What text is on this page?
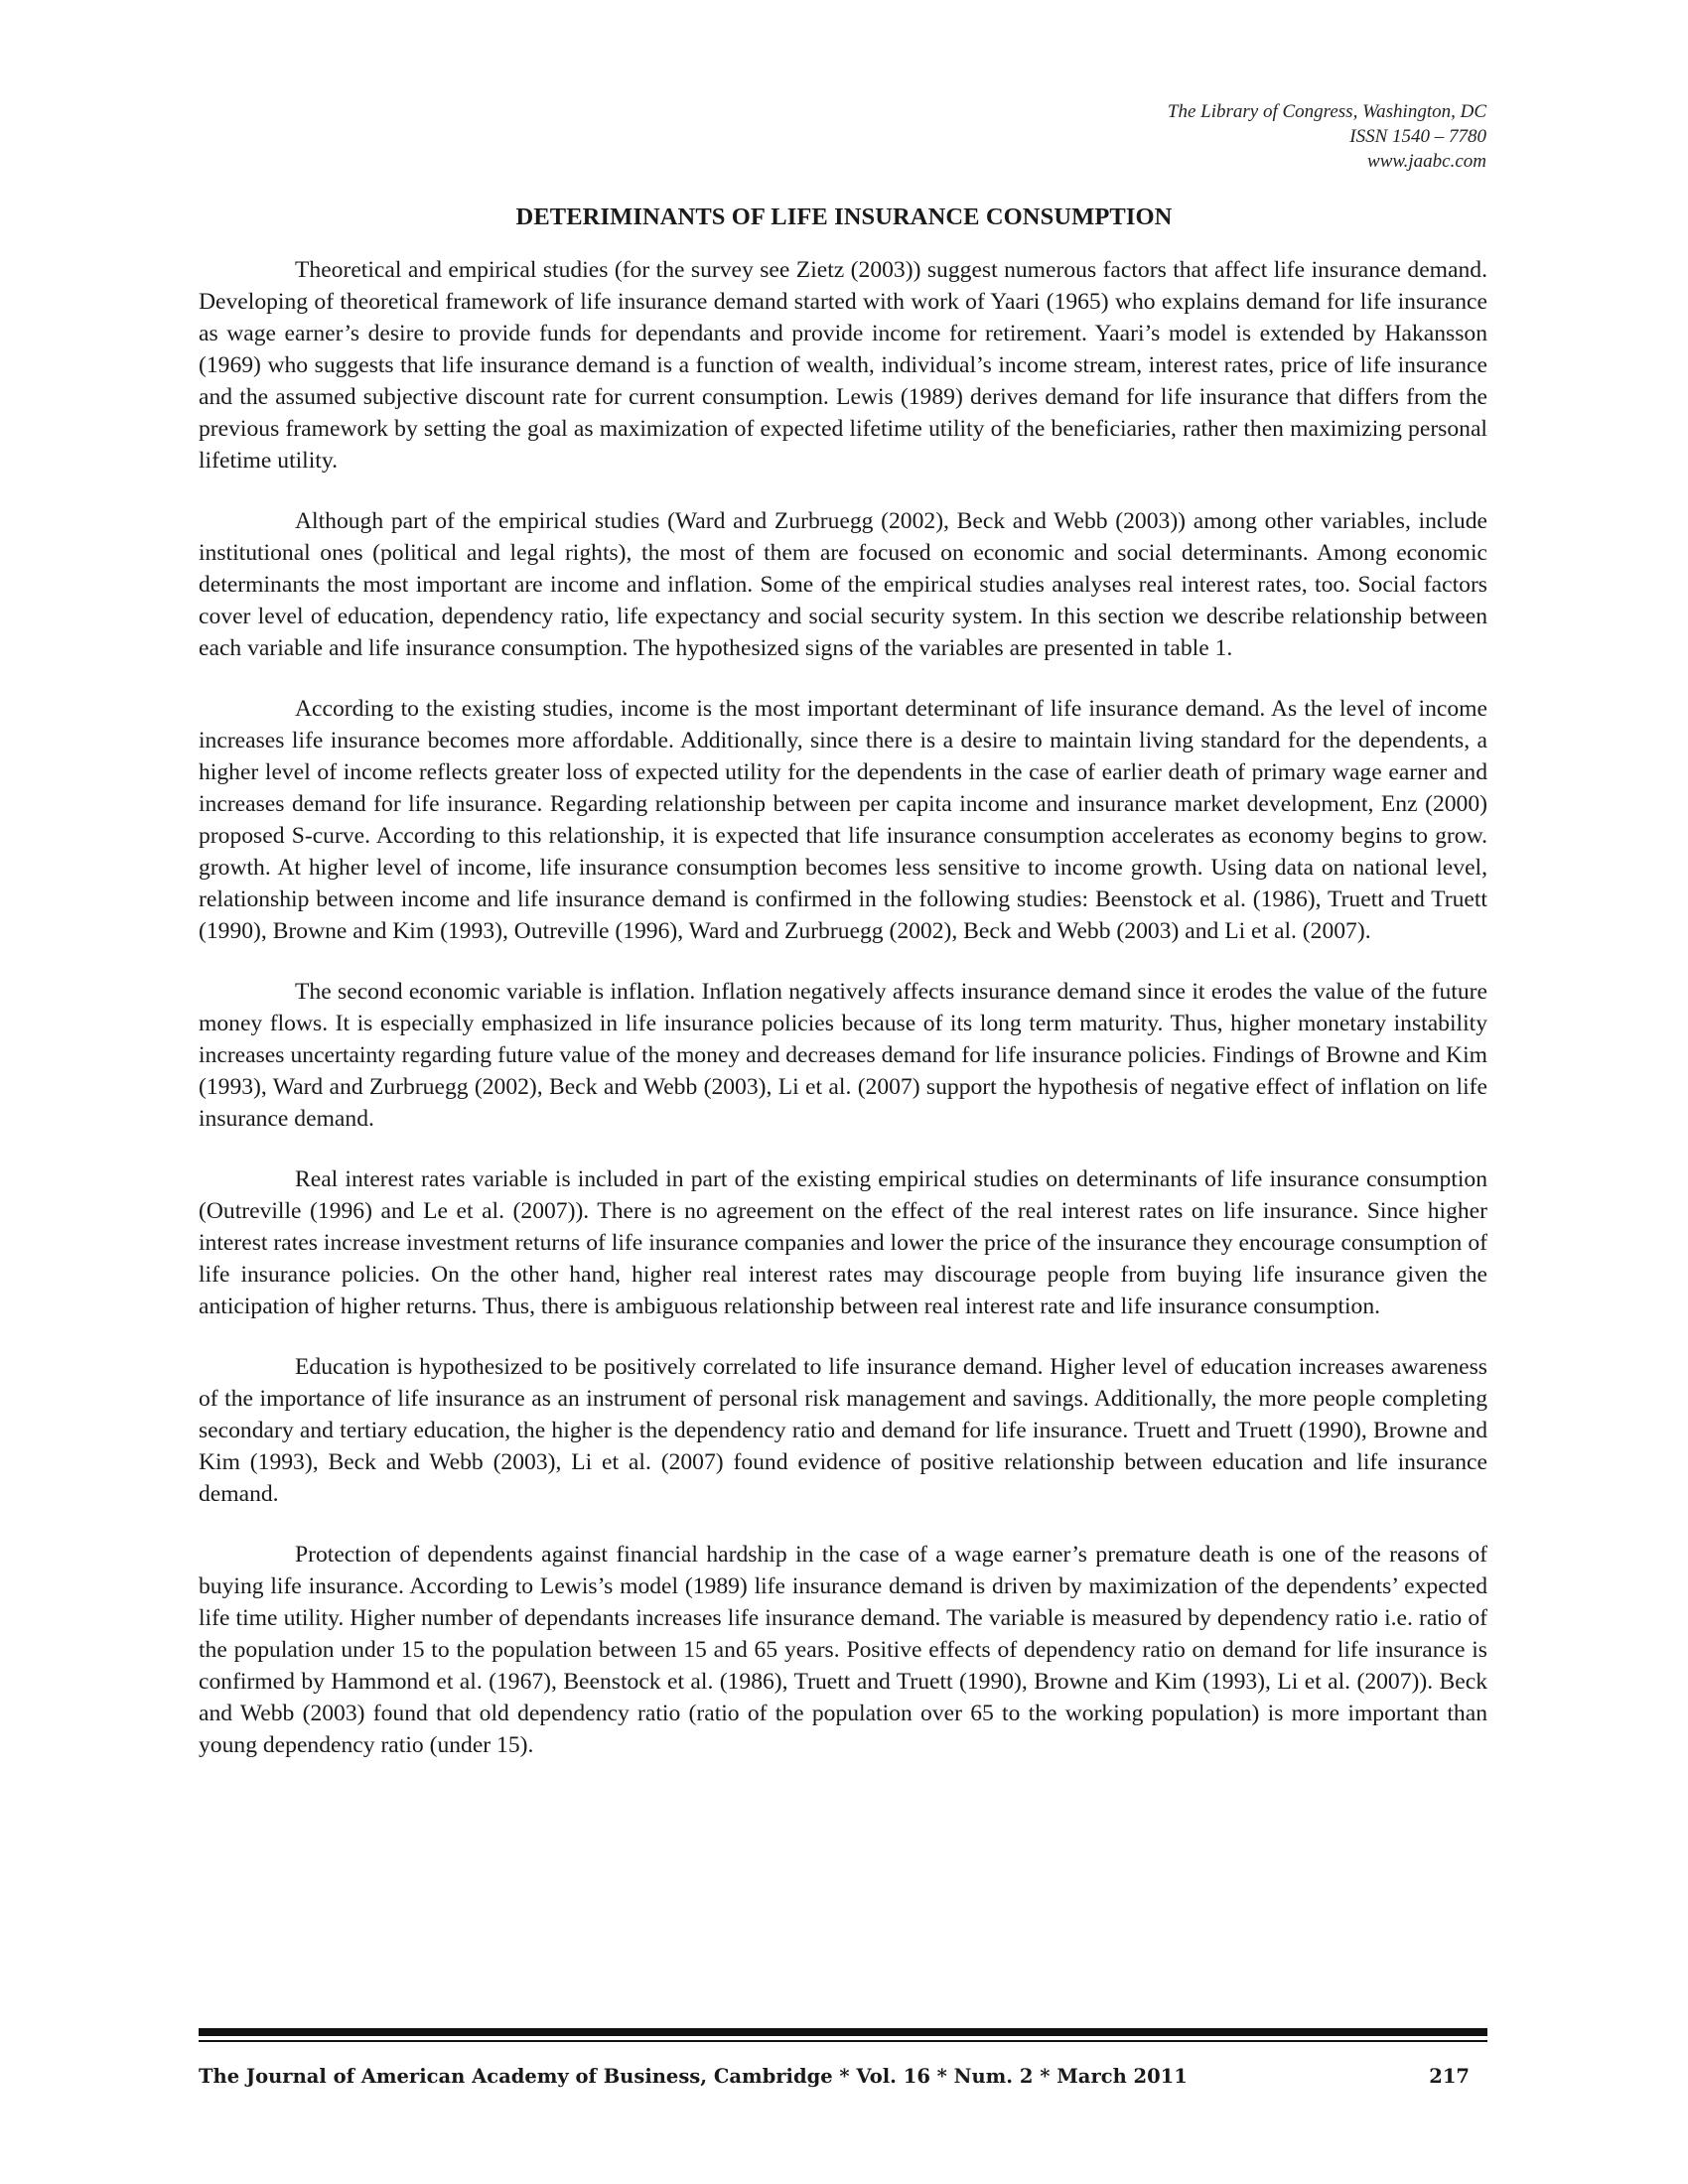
The Library of Congress, Washington, DC
ISSN 1540 – 7780
www.jaabc.com
DETERIMINANTS OF LIFE INSURANCE CONSUMPTION

Theoretical and empirical studies (for the survey see Zietz (2003)) suggest numerous factors that affect life insurance demand. Developing of theoretical framework of life insurance demand started with work of Yaari (1965) who explains demand for life insurance as wage earner’s desire to provide funds for dependants and provide income for retirement. Yaari’s model is extended by Hakansson (1969) who suggests that life insurance demand is a function of wealth, individual’s income stream, interest rates, price of life insurance and the assumed subjective discount rate for current consumption. Lewis (1989) derives demand for life insurance that differs from the previous framework by setting the goal as maximization of expected lifetime utility of the beneficiaries, rather then maximizing personal lifetime utility.

Although part of the empirical studies (Ward and Zurbruegg (2002), Beck and Webb (2003)) among other variables, include institutional ones (political and legal rights), the most of them are focused on economic and social determinants. Among economic determinants the most important are income and inflation. Some of the empirical studies analyses real interest rates, too. Social factors cover level of education, dependency ratio, life expectancy and social security system. In this section we describe relationship between each variable and life insurance consumption. The hypothesized signs of the variables are presented in table 1.

According to the existing studies, income is the most important determinant of life insurance demand. As the level of income increases life insurance becomes more affordable. Additionally, since there is a desire to maintain living standard for the dependents, a higher level of income reflects greater loss of expected utility for the dependents in the case of earlier death of primary wage earner and increases demand for life insurance. Regarding relationship between per capita income and insurance market development, Enz (2000) proposed S-curve. According to this relationship, it is expected that life insurance consumption accelerates as economy begins to grow. growth. At higher level of income, life insurance consumption becomes less sensitive to income growth. Using data on national level, relationship between income and life insurance demand is confirmed in the following studies: Beenstock et al. (1986), Truett and Truett (1990), Browne and Kim (1993), Outreville (1996), Ward and Zurbruegg (2002), Beck and Webb (2003) and Li et al. (2007).

The second economic variable is inflation. Inflation negatively affects insurance demand since it erodes the value of the future money flows. It is especially emphasized in life insurance policies because of its long term maturity. Thus, higher monetary instability increases uncertainty regarding future value of the money and decreases demand for life insurance policies. Findings of Browne and Kim (1993), Ward and Zurbruegg (2002), Beck and Webb (2003), Li et al. (2007) support the hypothesis of negative effect of inflation on life insurance demand.

Real interest rates variable is included in part of the existing empirical studies on determinants of life insurance consumption (Outreville (1996) and Le et al. (2007)). There is no agreement on the effect of the real interest rates on life insurance. Since higher interest rates increase investment returns of life insurance companies and lower the price of the insurance they encourage consumption of life insurance policies. On the other hand, higher real interest rates may discourage people from buying life insurance given the anticipation of higher returns. Thus, there is ambiguous relationship between real interest rate and life insurance consumption.

Education is hypothesized to be positively correlated to life insurance demand. Higher level of education increases awareness of the importance of life insurance as an instrument of personal risk management and savings. Additionally, the more people completing secondary and tertiary education, the higher is the dependency ratio and demand for life insurance. Truett and Truett (1990), Browne and Kim (1993), Beck and Webb (2003), Li et al. (2007) found evidence of positive relationship between education and life insurance demand.

Protection of dependents against financial hardship in the case of a wage earner’s premature death is one of the reasons of buying life insurance. According to Lewis’s model (1989) life insurance demand is driven by maximization of the dependents’ expected life time utility. Higher number of dependants increases life insurance demand. The variable is measured by dependency ratio i.e. ratio of the population under 15 to the population between 15 and 65 years. Positive effects of dependency ratio on demand for life insurance is confirmed by Hammond et al. (1967), Beenstock et al. (1986), Truett and Truett (1990), Browne and Kim (1993), Li et al. (2007)). Beck and Webb (2003) found that old dependency ratio (ratio of the population over 65 to the working population) is more important than young dependency ratio (under 15).

The Journal of American Academy of Business, Cambridge * Vol. 16 * Num. 2 * March 2011	217
